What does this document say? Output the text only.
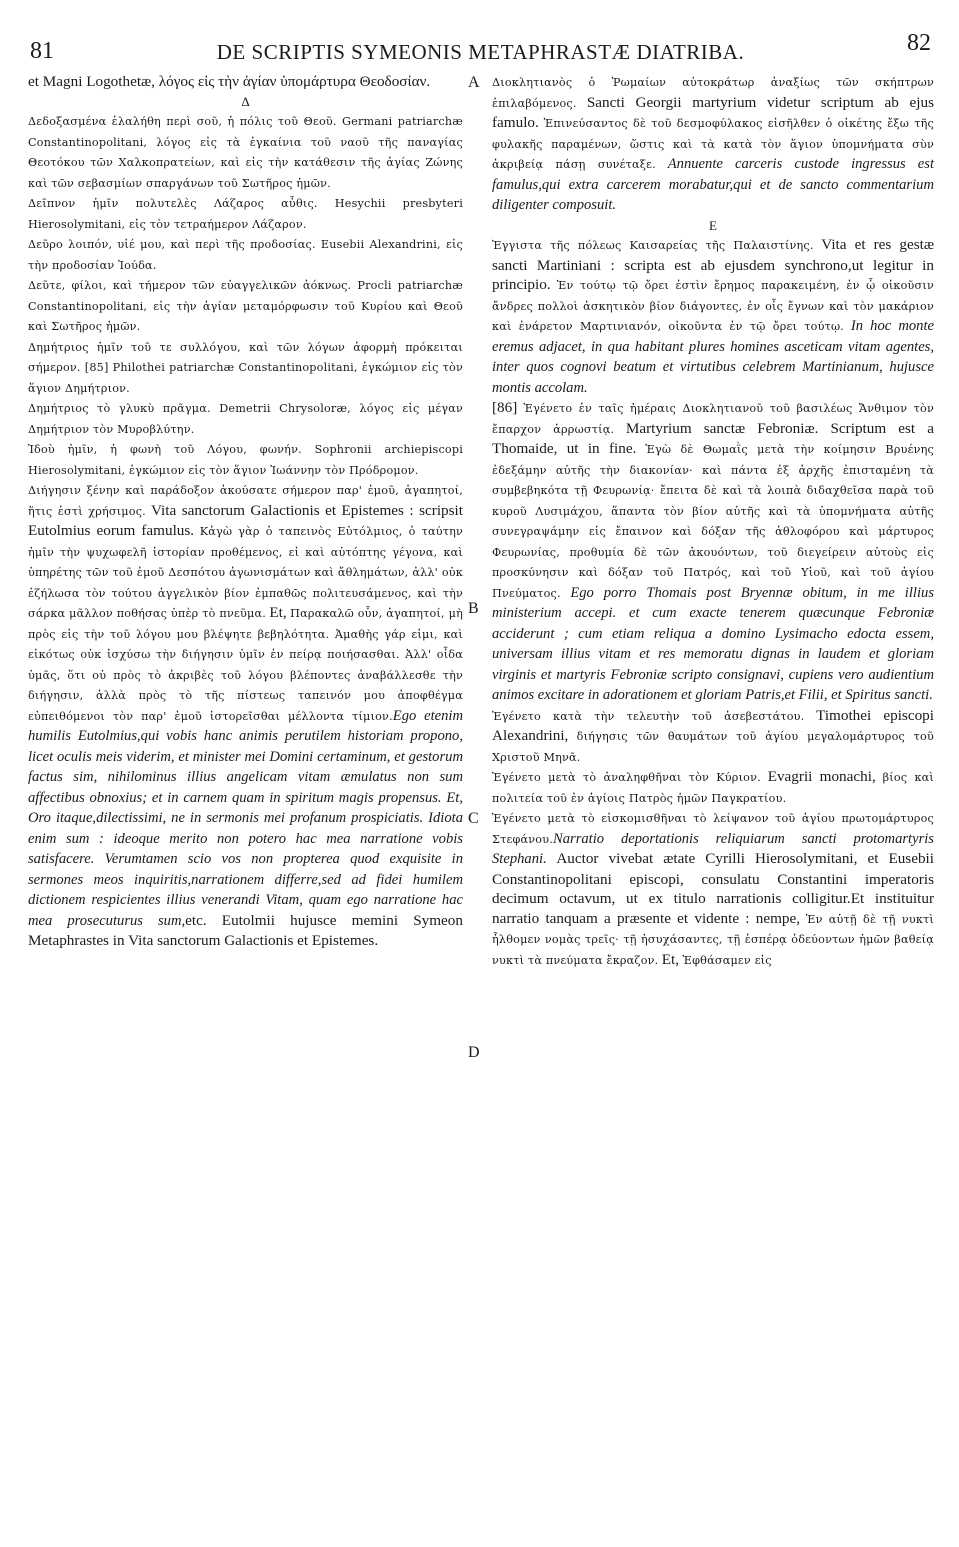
81	DE SCRIPTIS SYMEONIS METAPHRASTÆ DIATRIBA.	82
A
B
C
D

et Magni Logothetæ, λόγος εἰς τὴν ἁγίαν ὑπομάρτυρα Θεοδοσίαν.

Δ

Δεδοξασμένα ἐλαλήθη περὶ σοῦ, ἡ πόλις τοῦ Θεοῦ. Germani patriarchæ Constantinopolitani, λόγος εἰς τὰ ἐγκαίνια τοῦ ναοῦ τῆς παναγίας Θεοτόκου τῶν Χαλκοπρατείων, καὶ εἰς τὴν κατάθεσιν τῆς ἁγίας Ζώνης καὶ τῶν σεβασμίων σπαργάνων τοῦ Σωτῆρος ἡμῶν.

Δεῖπνον ἡμῖν πολυτελὲς Λάζαρος αὖθις. Hesychii presbyteri Hierosolymitani, εἰς τὸν τετραήμερον Λάζαρον.

Δεῦρο λοιπόν, υἱέ μου, καὶ περὶ τῆς προδοσίας. Eusebii Alexandrini, εἰς τὴν προδοσίαν Ἰούδα.

Δεῦτε, φίλοι, καὶ τήμερον τῶν εὐαγγελικῶν ἀόκνως. Procli patriarchæ Constantinopolitani, εἰς τὴν ἁγίαν μεταμόρφωσιν τοῦ Κυρίου καὶ Θεοῦ καὶ Σωτῆρος ἡμῶν.

Δημήτριος ἡμῖν τοῦ τε συλλόγου, καὶ τῶν λόγων ἀφορμὴ πρόκειται σήμερον. [85] Philothei patriarchæ Constantinopolitani, ἐγκώμιον εἰς τὸν ἅγιον Δημήτριον.

Δημήτριος τὸ γλυκὺ πρᾶγμα. Demetrii Chrysoloræ, λόγος εἰς μέγαν Δημήτριον τὸν Μυροβλύτην.

Ἰδοὺ ἡμῖν, ἡ φωνὴ τοῦ Λόγου, φωνήν. Sophronii archiepiscopi Hierosolymitani, ἐγκώμιον εἰς τὸν ἅγιον Ἰωάννην τὸν Πρόδρομον.

Διήγησιν ξένην καὶ παράδοξον ἀκούσατε σήμερον παρ' ἐμοῦ, ἀγαπητοί, ἥτις ἐστὶ χρήσιμος. Vita sanctorum Galactionis et Epistemes : scripsit Eutolmius eorum famulus. Κἀγὼ γὰρ ὁ ταπεινὸς Εὐτόλμιος, ὁ ταύτην ἡμῖν τὴν ψυχωφελῆ ἱστορίαν προθέμενος, εἰ καὶ αὐτόπτης γέγονα, καὶ ὑπηρέτης τῶν τοῦ ἐμοῦ Δεσπότου ἀγωνισμάτων καὶ ἄθλημάτων, ἀλλ' οὐκ ἐζήλωσα τὸν τούτου ἀγγελικὸν βίον ἐμπαθῶς πολιτευσάμενος, καὶ τὴν σάρκα μᾶλλον ποθήσας ὑπὲρ τὸ πνεῦμα. Et, Παρακαλῶ οὖν, ἀγαπητοί, μὴ πρὸς εἰς τὴν τοῦ λόγου μου βλέψητε βεβηλότητα. Ἀμαθὴς γάρ εἰμι, καὶ εἰκότως οὐκ ἰσχύσω τὴν διήγησιν ὑμῖν ἐν πείρᾳ ποιήσασθαι. Ἀλλ' οἶδα ὑμᾶς, ὅτι οὐ πρὸς τὸ ἀκριβὲς τοῦ λόγου βλέποντες ἀναβάλλεσθε τὴν διήγησιν, ἀλλὰ πρὸς τὸ τῆς πίστεως ταπεινόν μου ἀποφθέγμα εὐπειθόμενοι τὸν παρ' ἐμοῦ ἱστορεῖσθαι μέλλοντα τίμιον.Ego etenim humilis Eutolmius,qui vobis hanc animis perutilem historiam propono, licet oculis meis viderim, et minister mei Domini certaminum, et gestorum factus sim, nihilominus illius angelicam vitam æmulatus non sum affectibus obnoxius; et in carnem quam in spiritum magis propensus. Et, Oro itaque,dilectissimi, ne in sermonis mei profanum prospiciatis. Idiota enim sum : ideoque merito non potero hac mea narratione vobis satisfacere. Verumtamen scio vos non propterea quod exquisite in sermones meos inquiritis,narrationem differre,sed ad fidei humilem dictionem respicientes illius venerandi Vitam, quam ego narratione hac mea prosecuturus sum,etc. Eutolmii hujusce memini Symeon Metaphrastes in Vita sanctorum Galactionis et Epistemes.

Διοκλητιανὸς ὁ Ῥωμαίων αὐτοκράτωρ ἀναξίως τῶν σκήπτρων ἐπιλαβόμενος. Sancti Georgii martyrium videtur scriptum ab ejus famulo. Ἐπινεύσαντος δὲ τοῦ δεσμοφύλακος εἰσῆλθεν ὁ οἰκέτης ἔξω τῆς φυλακῆς παραμένων, ὥστις καὶ τὰ κατὰ τὸν ἅγιον ὑπομνήματα σὺν ἀκριβείᾳ πάσῃ συνέταξε. Annuente carceris custode ingressus est famulus,qui extra carcerem morabatur,qui et de sancto commentarium diligenter composuit.

E

Ἐγγιστα τῆς πόλεως Καισαρείας τῆς Παλαιστίνης. Vita et res gestæ sancti Martiniani : scripta est ab ejusdem synchrono,ut legitur in principio. Ἐν τούτῳ τῷ ὄρει ἐστὶν ἔρημος παρακειμένη, ἐν ᾧ οἰκοῦσιν ἄνδρες πολλοὶ ἀσκητικὸν βίον διάγοντες, ἐν οἷς ἔγνων καὶ τὸν μακάριον καὶ ἐνάρετον Μαρτινιανόν, οἰκοῦντα ἐν τῷ ὄρει τούτῳ. In hoc monte eremus adjacet, in qua habitant plures homines asceticam vitam agentes, inter quos cognovi beatum et virtutibus celebrem Martinianum, hujusce montis accolam.

[86] Ἐγένετο ἐν ταῖς ἡμέραις Διοκλητιανοῦ τοῦ βασιλέως Ἄνθιμον τὸν ἔπαρχον ἀρρωστίᾳ. Martyrium sanctæ Febroniæ. Scriptum est a Thomaide, ut in fine. Ἐγὼ δὲ Θωμαῒς μετὰ τὴν κοίμησιν Βρυένης ἐδεξάμην αὐτῆς τὴν διακονίαν· καὶ πάντα ἐξ ἀρχῆς ἐπισταμένη τὰ συμβεβηκότα τῇ Φευρωνίᾳ· ἔπειτα δὲ καὶ τὰ λοιπὰ διδαχθεῖσα παρὰ τοῦ κυροῦ Λυσιμάχου, ἅπαντα τὸν βίον αὐτῆς καὶ τὰ ὑπομνήματα αὐτῆς συνεγραψάμην εἰς ἔπαινον καὶ δόξαν τῆς ἀθλοφόρου καὶ μάρτυρος Φευρωνίας, προθυμία δὲ τῶν ἀκουόντων, τοῦ διεγείρειν αὐτοὺς εἰς προσκύνησιν καὶ δόξαν τοῦ Πατρός, καὶ τοῦ Υἱοῦ, καὶ τοῦ ἁγίου Πνεύματος. Ego porro Thomais post Bryennæ obitum, in me illius ministerium accepi. et cum exacte tenerem quæcunque Febroniæ acciderunt ; cum etiam reliqua a domino Lysimacho edocta essem, universam illius vitam et res memoratu dignas in laudem et gloriam virginis et martyris Febroniæ scripto consignavi, cupiens vero audientium animos excitare in adorationem et gloriam Patris,et Filii, et Spiritus sancti.

Ἐγένετο κατὰ τὴν τελευτὴν τοῦ ἀσεβεστάτου. Timothei episcopi Alexandrini, διήγησις τῶν θαυμάτων τοῦ ἁγίου μεγαλομάρτυρος τοῦ Χριστοῦ Μηνᾶ.

Ἐγένετο μετὰ τὸ ἀναληφθῆναι τὸν Κύριον. Evagrii monachi, βίος καὶ πολιτεία τοῦ ἐν ἁγίοις Πατρὸς ἡμῶν Παγκρατίου.

Ἐγένετο μετὰ τὸ εἰσκομισθῆναι τὸ λείψανον τοῦ ἁγίου πρωτομάρτυρος Στεφάνου.Narratio deportationis reliquiarum sancti protomartyris Stephani. Auctor vivebat ætate Cyrilli Hierosolymitani, et Eusebii Constantinopolitani episcopi, consulatu Constantini imperatoris decimum octavum, ut ex titulo narrationis colligitur.Et instituitur narratio tanquam a præsente et vidente : nempe, Ἐν αὐτῇ δὲ τῇ νυκτὶ ἦλθομεν νομὰς τρεῖς· τῇ ἡσυχάσαντες, τῇ ἑσπέρᾳ ὁδεύοντων ἡμῶν βαθείᾳ νυκτὶ τὰ πνεύματα ἔκραζον. Et, Ἐφθάσαμεν εἰς
